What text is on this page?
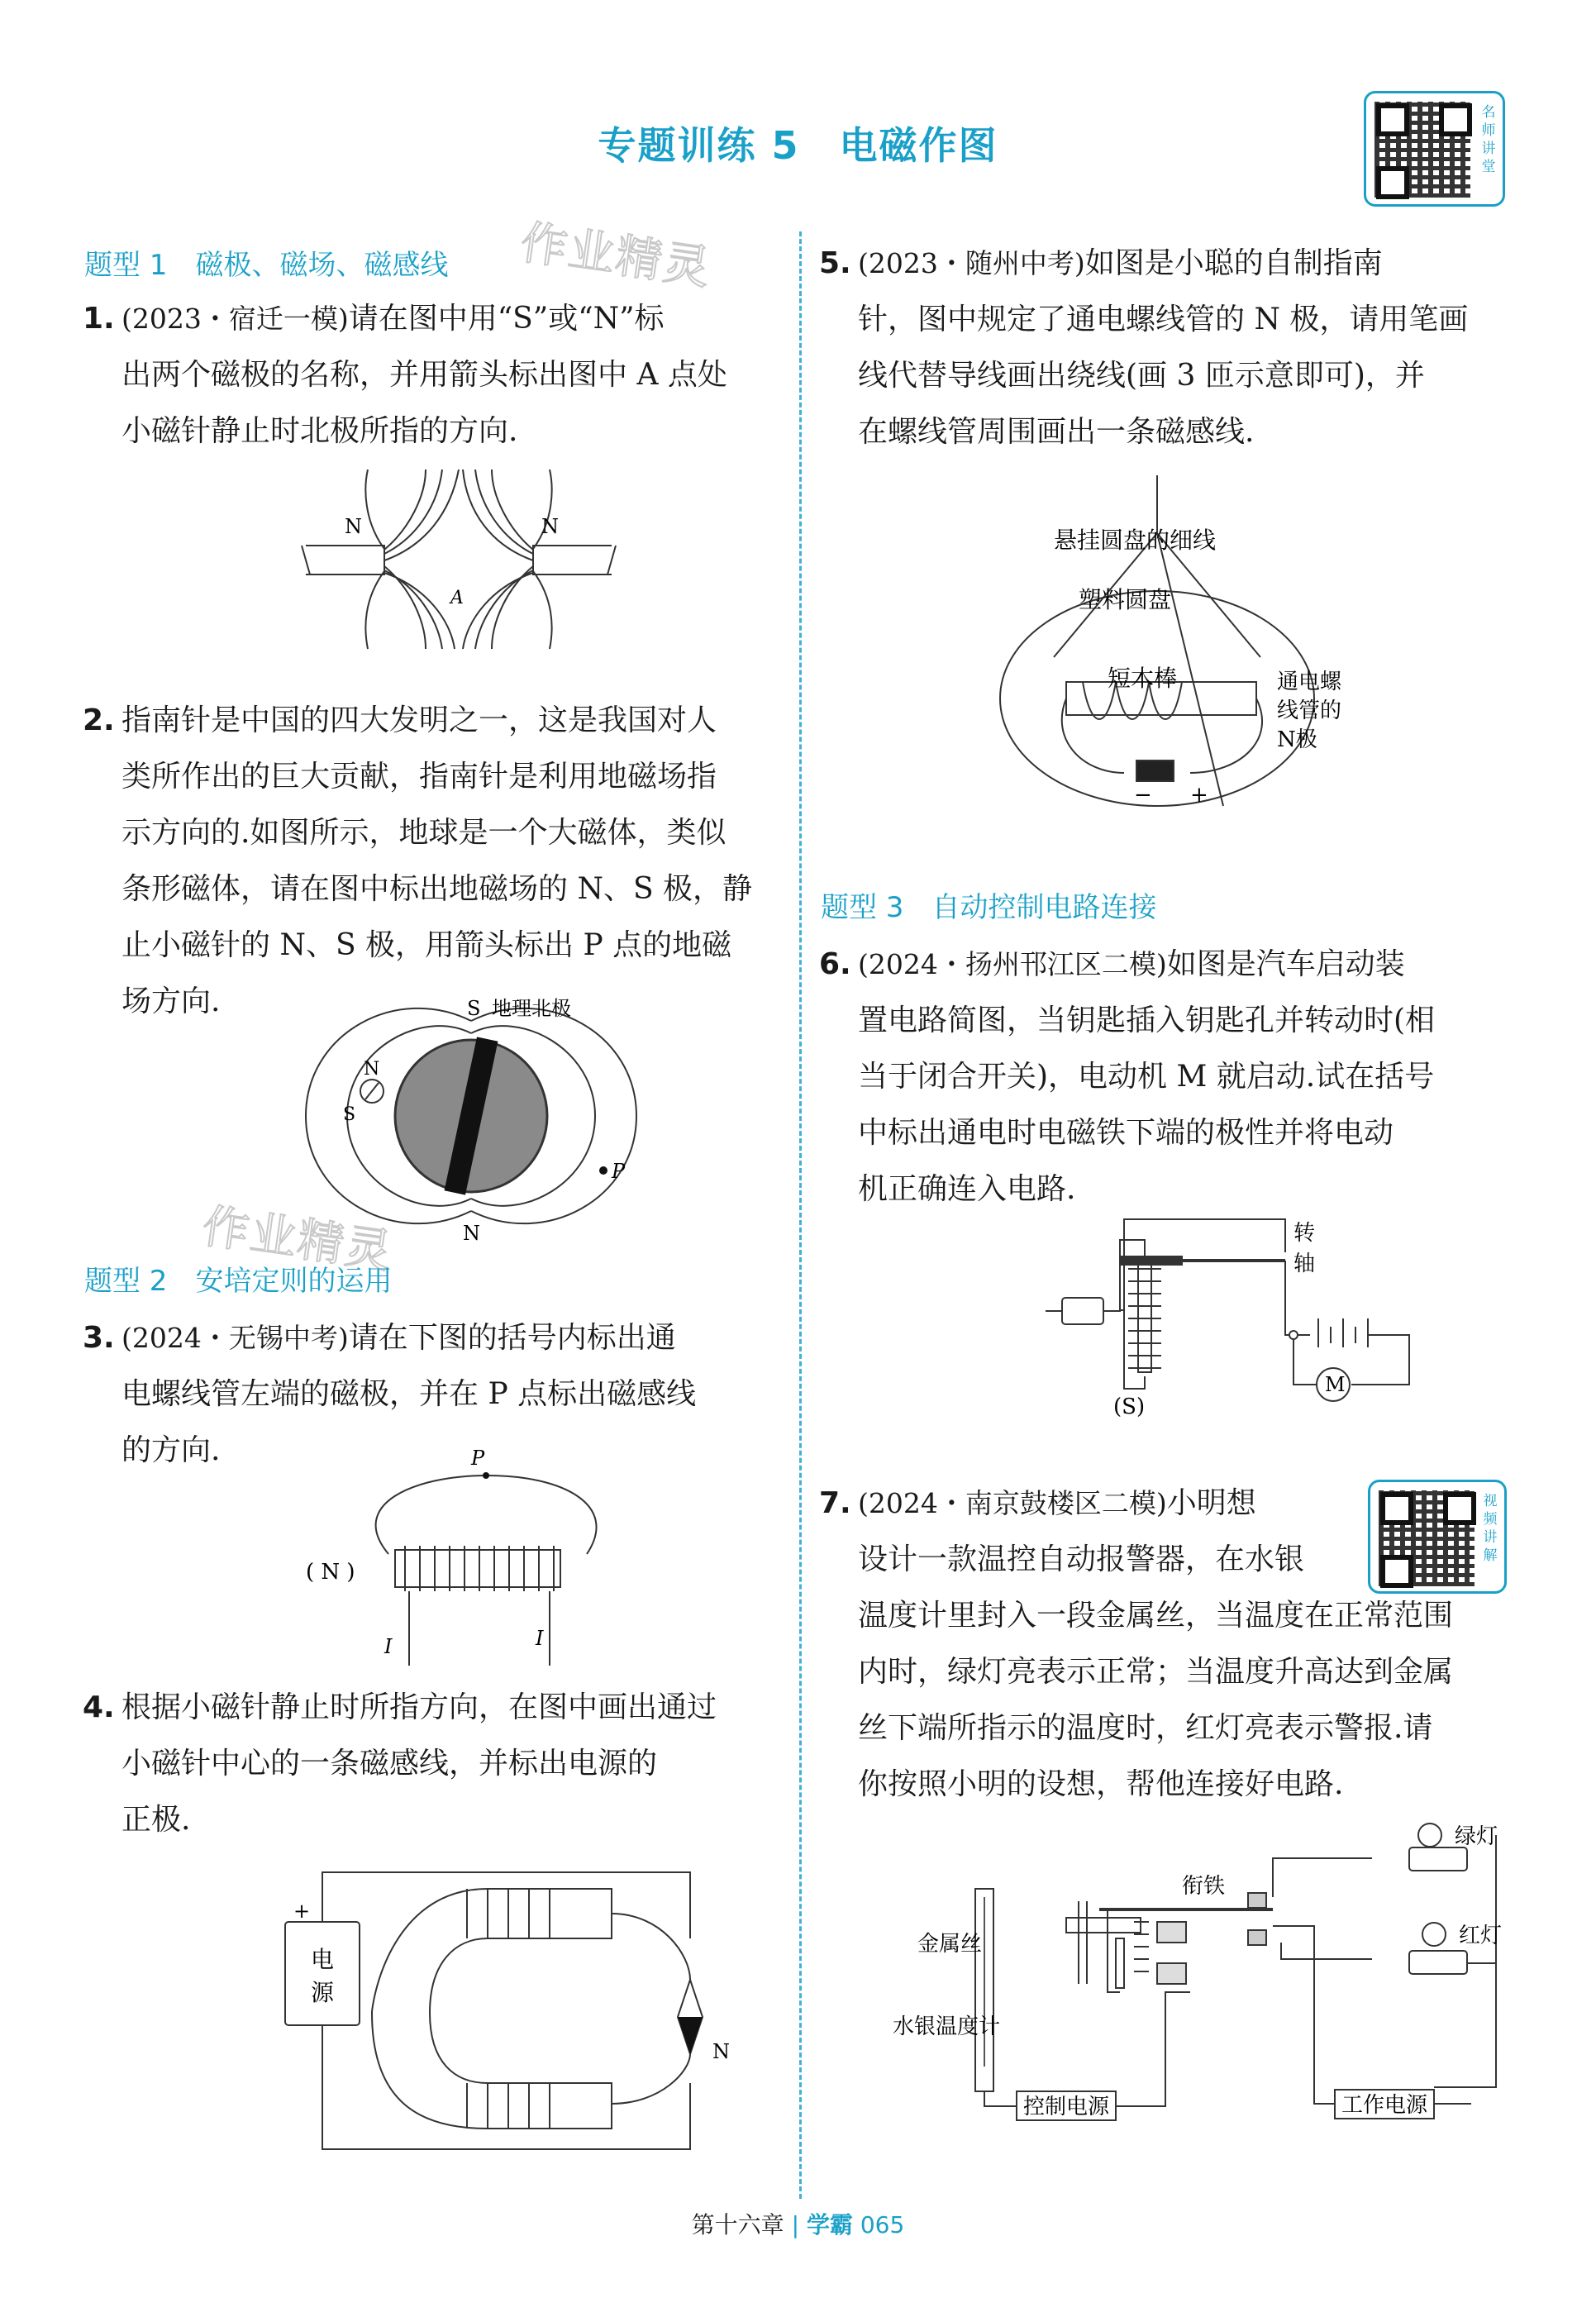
专题训练 5　电磁作图
名师讲堂
作业精灵
作业精灵
题型 1　磁极、磁场、磁感线
题型 2　安培定则的运用
题型 3　自动控制电路连接
1. (2023・宿迁一模)请在图中用“S”或“N”标
出两个磁极的名称，并用箭头标出图中 A 点处
小磁针静止时北极所指的方向.
N	N
A
2. 指南针是中国的四大发明之一，这是我国对人
类所作出的巨大贡献，指南针是利用地磁场指
示方向的.如图所示，地球是一个大磁体，类似
条形磁体，请在图中标出地磁场的 N、S 极，静
止小磁针的 N、S 极，用箭头标出 P 点的地磁
场方向.	S 地理北极
N
N
S
P
3. (2024・无锡中考)请在下图的括号内标出通
电螺线管左端的磁极，并在 P 点标出磁感线
的方向.	P
( N )
I	I
4. 根据小磁针静止时所指方向，在图中画出通过
小磁针中心的一条磁感线，并标出电源的
正极.
+
电
源
N
5. (2023・随州中考)如图是小聪的自制指南
针，图中规定了通电螺线管的 N 极，请用笔画
线代替导线画出绕线(画 3 匝示意即可)，并
在螺线管周围画出一条磁感线.
悬挂圆盘的细线
塑料圆盘
短木棒	通电螺
线管的
N极
− +
6. (2024・扬州邗江区二模)如图是汽车启动装
置电路简图，当钥匙插入钥匙孔并转动时(相
当于闭合开关)，电动机 M 就启动.试在括号
中标出通电时电磁铁下端的极性并将电动
机正确连入电路.
转
轴
M
(S)
7. (2024・南京鼓楼区二模)小明想
设计一款温控自动报警器，在水银
温度计里封入一段金属丝，当温度在正常范围
内时，绿灯亮表示正常；当温度升高达到金属
丝下端所指示的温度时，红灯亮表示警报.请
你按照小明的设想，帮他连接好电路.
视频讲解
绿灯
红灯
衔铁
金属丝
水银温度计
控制电源	工作电源
第十六章 | 学霸 065
